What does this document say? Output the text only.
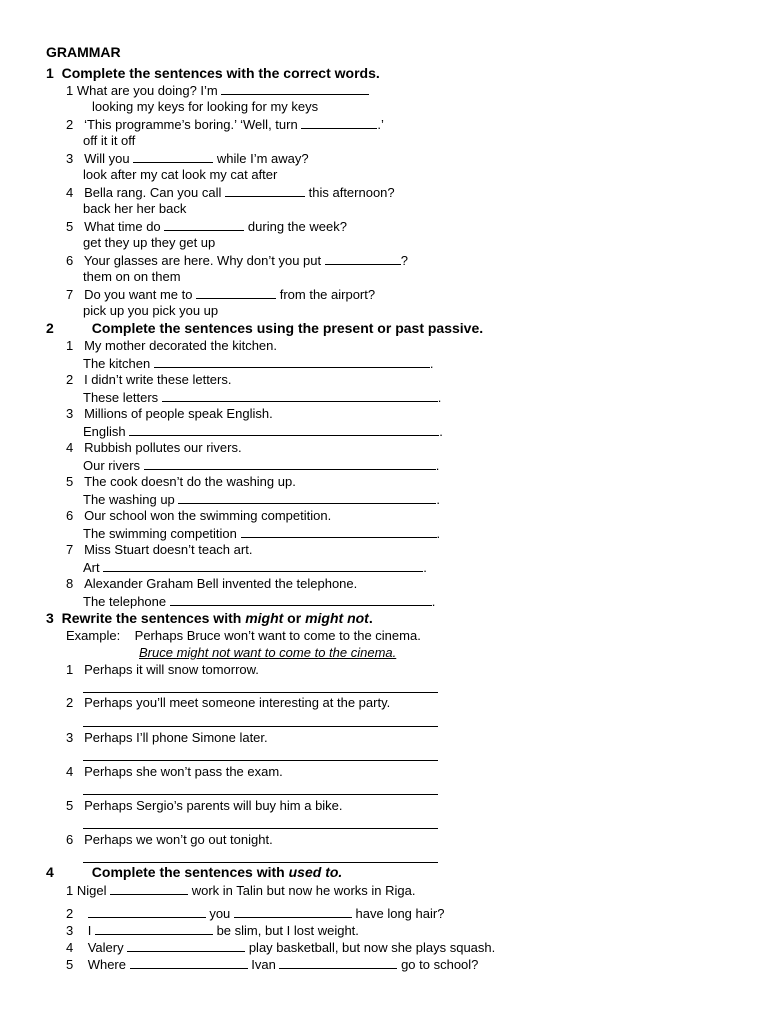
GRAMMAR
1 Complete the sentences with the correct words.
1 What are you doing? I’m
looking my keys for looking for my keys
2 ‘This programme’s boring.’ ‘Well, turn	.’
off it it off
3 Will you	while I’m away?
look after my cat look my cat after
4 Bella rang. Can you call	this afternoon?
back her her back
5 What time do	during the week?
get they up they get up
6 Your glasses are here. Why don’t you put	?
them on on them
7 Do you want me to	from the airport?
pick up you pick you up
2	Complete the sentences using the present or past passive.
1 My mother decorated the kitchen.
The kitchen	.
2 I didn’t write these letters.
These letters	.
3 Millions of people speak English.
English	.
4 Rubbish pollutes our rivers.
Our rivers	.
5 The cook doesn’t do the washing up.
The washing up	.
6 Our school won the swimming competition.
The swimming competition	.
7 Miss Stuart doesn’t teach art.
Art	.
8 Alexander Graham Bell invented the telephone.
The telephone	.
3 Rewrite the sentences with might or might not.
Example: Perhaps Bruce won’t want to come to the cinema.
Bruce might not want to come to the cinema.
1 Perhaps it will snow tomorrow.
2 Perhaps you’ll meet someone interesting at the party.
3 Perhaps I’ll phone Simone later.
4 Perhaps she won’t pass the exam.
5 Perhaps Sergio’s parents will buy him a bike.
6 Perhaps we won’t go out tonight.
4	Complete the sentences with used to.
1 Nigel	work in Talin but now he works in Riga.
2	you	have long hair?
3 I	be slim, but I lost weight.
4 Valery	play basketball, but now she plays squash.
5 Where	Ivan	go to school?
